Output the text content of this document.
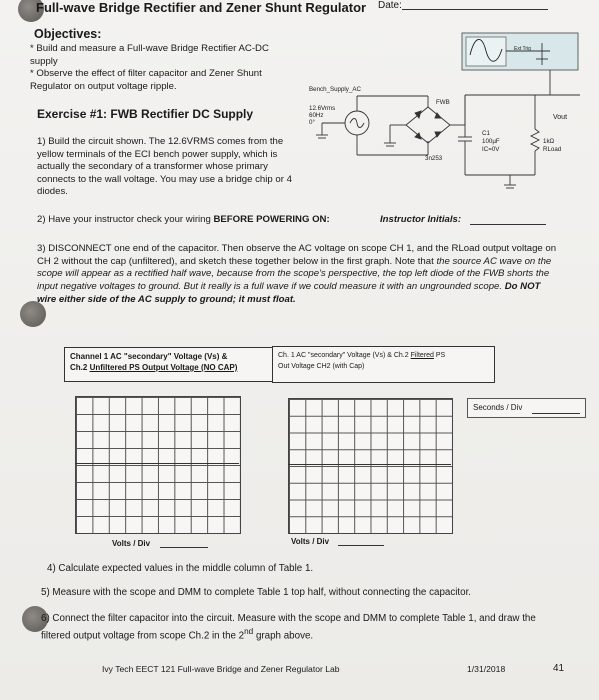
Full-wave Bridge Rectifier and Zener Shunt Regulator Date:
Objectives:
* Build and measure a Full-wave Bridge Rectifier AC-DC supply
* Observe the effect of filter capacitor and Zener Shunt Regulator on output voltage ripple.
Exercise #1: FWB Rectifier DC Supply
1) Build the circuit shown. The 12.6VRMS comes from the yellow terminals of the ECI bench power supply, which is actually the secondary of a transformer whose primary connects to the wall voltage. You may use a bridge chip or 4 diodes.
2) Have your instructor check your wiring BEFORE POWERING ON:	Instructor Initials:
3) DISCONNECT one end of the capacitor. Then observe the AC voltage on scope CH 1, and the RLoad output voltage on CH 2 without the cap (unfiltered), and sketch these together below in the first graph. Note that the source AC wave on the scope will appear as a rectified half wave, because from the scope's perspective, the top left diode of the FWB shorts the input negative voltages to ground. But it really is a full wave if we could measure it with an ungrounded scope. Do NOT wire either side of the AC supply to ground; it must float.
Bench_Supply_AC
12.6Vrms
60Hz
0°
FWB
3n253
C1
100µF
IC=0V
1kΩ
RLoad
Vout
Ext Trig
Channel 1 AC "secondary" Voltage (Vs) &
Ch.2 Unfiltered PS Output Voltage (NO CAP)
Ch. 1 AC "secondary" Voltage (Vs) & Ch.2 Filtered PS
Out Voltage CH2 (with Cap)
Seconds / Div
Volts / Div	Volts / Div
4) Calculate expected values in the middle column of Table 1.
5) Measure with the scope and DMM to complete Table 1 top half, without connecting the capacitor.
6) Connect the filter capacitor into the circuit. Measure with the scope and DMM to complete Table 1, and draw the filtered output voltage from scope Ch.2 in the 2nd graph above.
Ivy Tech EECT 121 Full-wave Bridge and Zener Regulator Lab	1/31/2018	41
